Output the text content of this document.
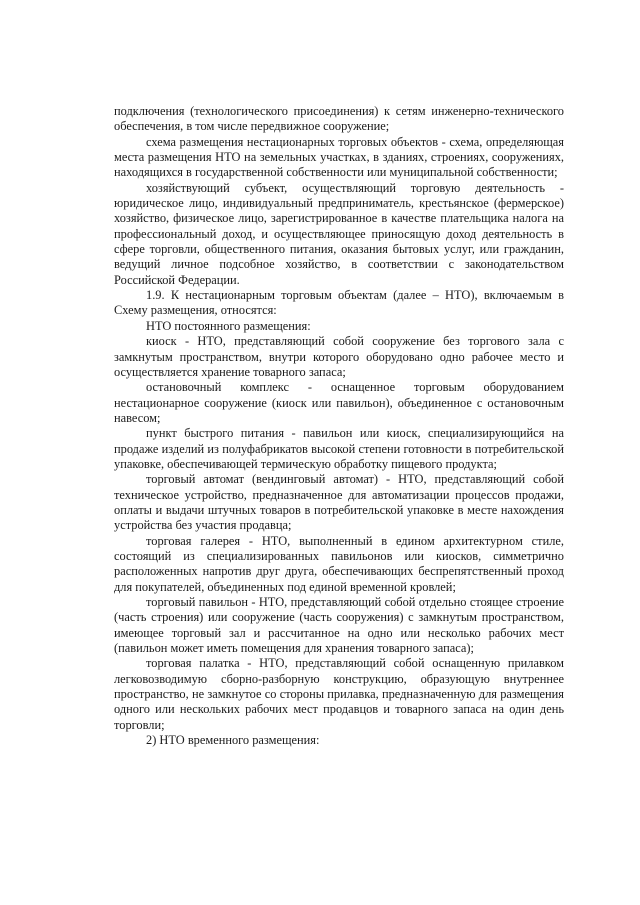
подключения (технологического присоединения) к сетям инженерно-технического обеспечения, в том числе передвижное сооружение;

схема размещения нестационарных торговых объектов - схема, определяющая места размещения НТО на земельных участках, в зданиях, строениях, сооружениях, находящихся в государственной собственности или муниципальной собственности;

хозяйствующий субъект, осуществляющий торговую деятельность - юридическое лицо, индивидуальный предприниматель, крестьянское (фермерское) хозяйство, физическое лицо, зарегистрированное в качестве плательщика налога на профессиональный доход, и осуществляющее приносящую доход деятельность в сфере торговли, общественного питания, оказания бытовых услуг, или гражданин, ведущий личное подсобное хозяйство, в соответствии с законодательством Российской Федерации.

1.9. К нестационарным торговым объектам (далее – НТО), включаемым в Схему размещения, относятся:

НТО постоянного размещения:

киоск - НТО, представляющий собой сооружение без торгового зала с замкнутым пространством, внутри которого оборудовано одно рабочее место и осуществляется хранение товарного запаса;

остановочный комплекс - оснащенное торговым оборудованием нестационарное сооружение (киоск или павильон), объединенное с остановочным навесом;

пункт быстрого питания - павильон или киоск, специализирующийся на продаже изделий из полуфабрикатов высокой степени готовности в потребительской упаковке, обеспечивающей термическую обработку пищевого продукта;

торговый автомат (вендинговый автомат) - НТО, представляющий собой техническое устройство, предназначенное для автоматизации процессов продажи, оплаты и выдачи штучных товаров в потребительской упаковке в месте нахождения устройства без участия продавца;

торговая галерея - НТО, выполненный в едином архитектурном стиле, состоящий из специализированных павильонов или киосков, симметрично расположенных напротив друг друга, обеспечивающих беспрепятственный проход для покупателей, объединенных под единой временной кровлей;

торговый павильон - НТО, представляющий собой отдельно стоящее строение (часть строения) или сооружение (часть сооружения) с замкнутым пространством, имеющее торговый зал и рассчитанное на одно или несколько рабочих мест (павильон может иметь помещения для хранения товарного запаса);

торговая палатка - НТО, представляющий собой оснащенную прилавком легковозводимую сборно-разборную конструкцию, образующую внутреннее пространство, не замкнутое со стороны прилавка, предназначенную для размещения одного или нескольких рабочих мест продавцов и товарного запаса на один день торговли;

2) НТО временного размещения:
